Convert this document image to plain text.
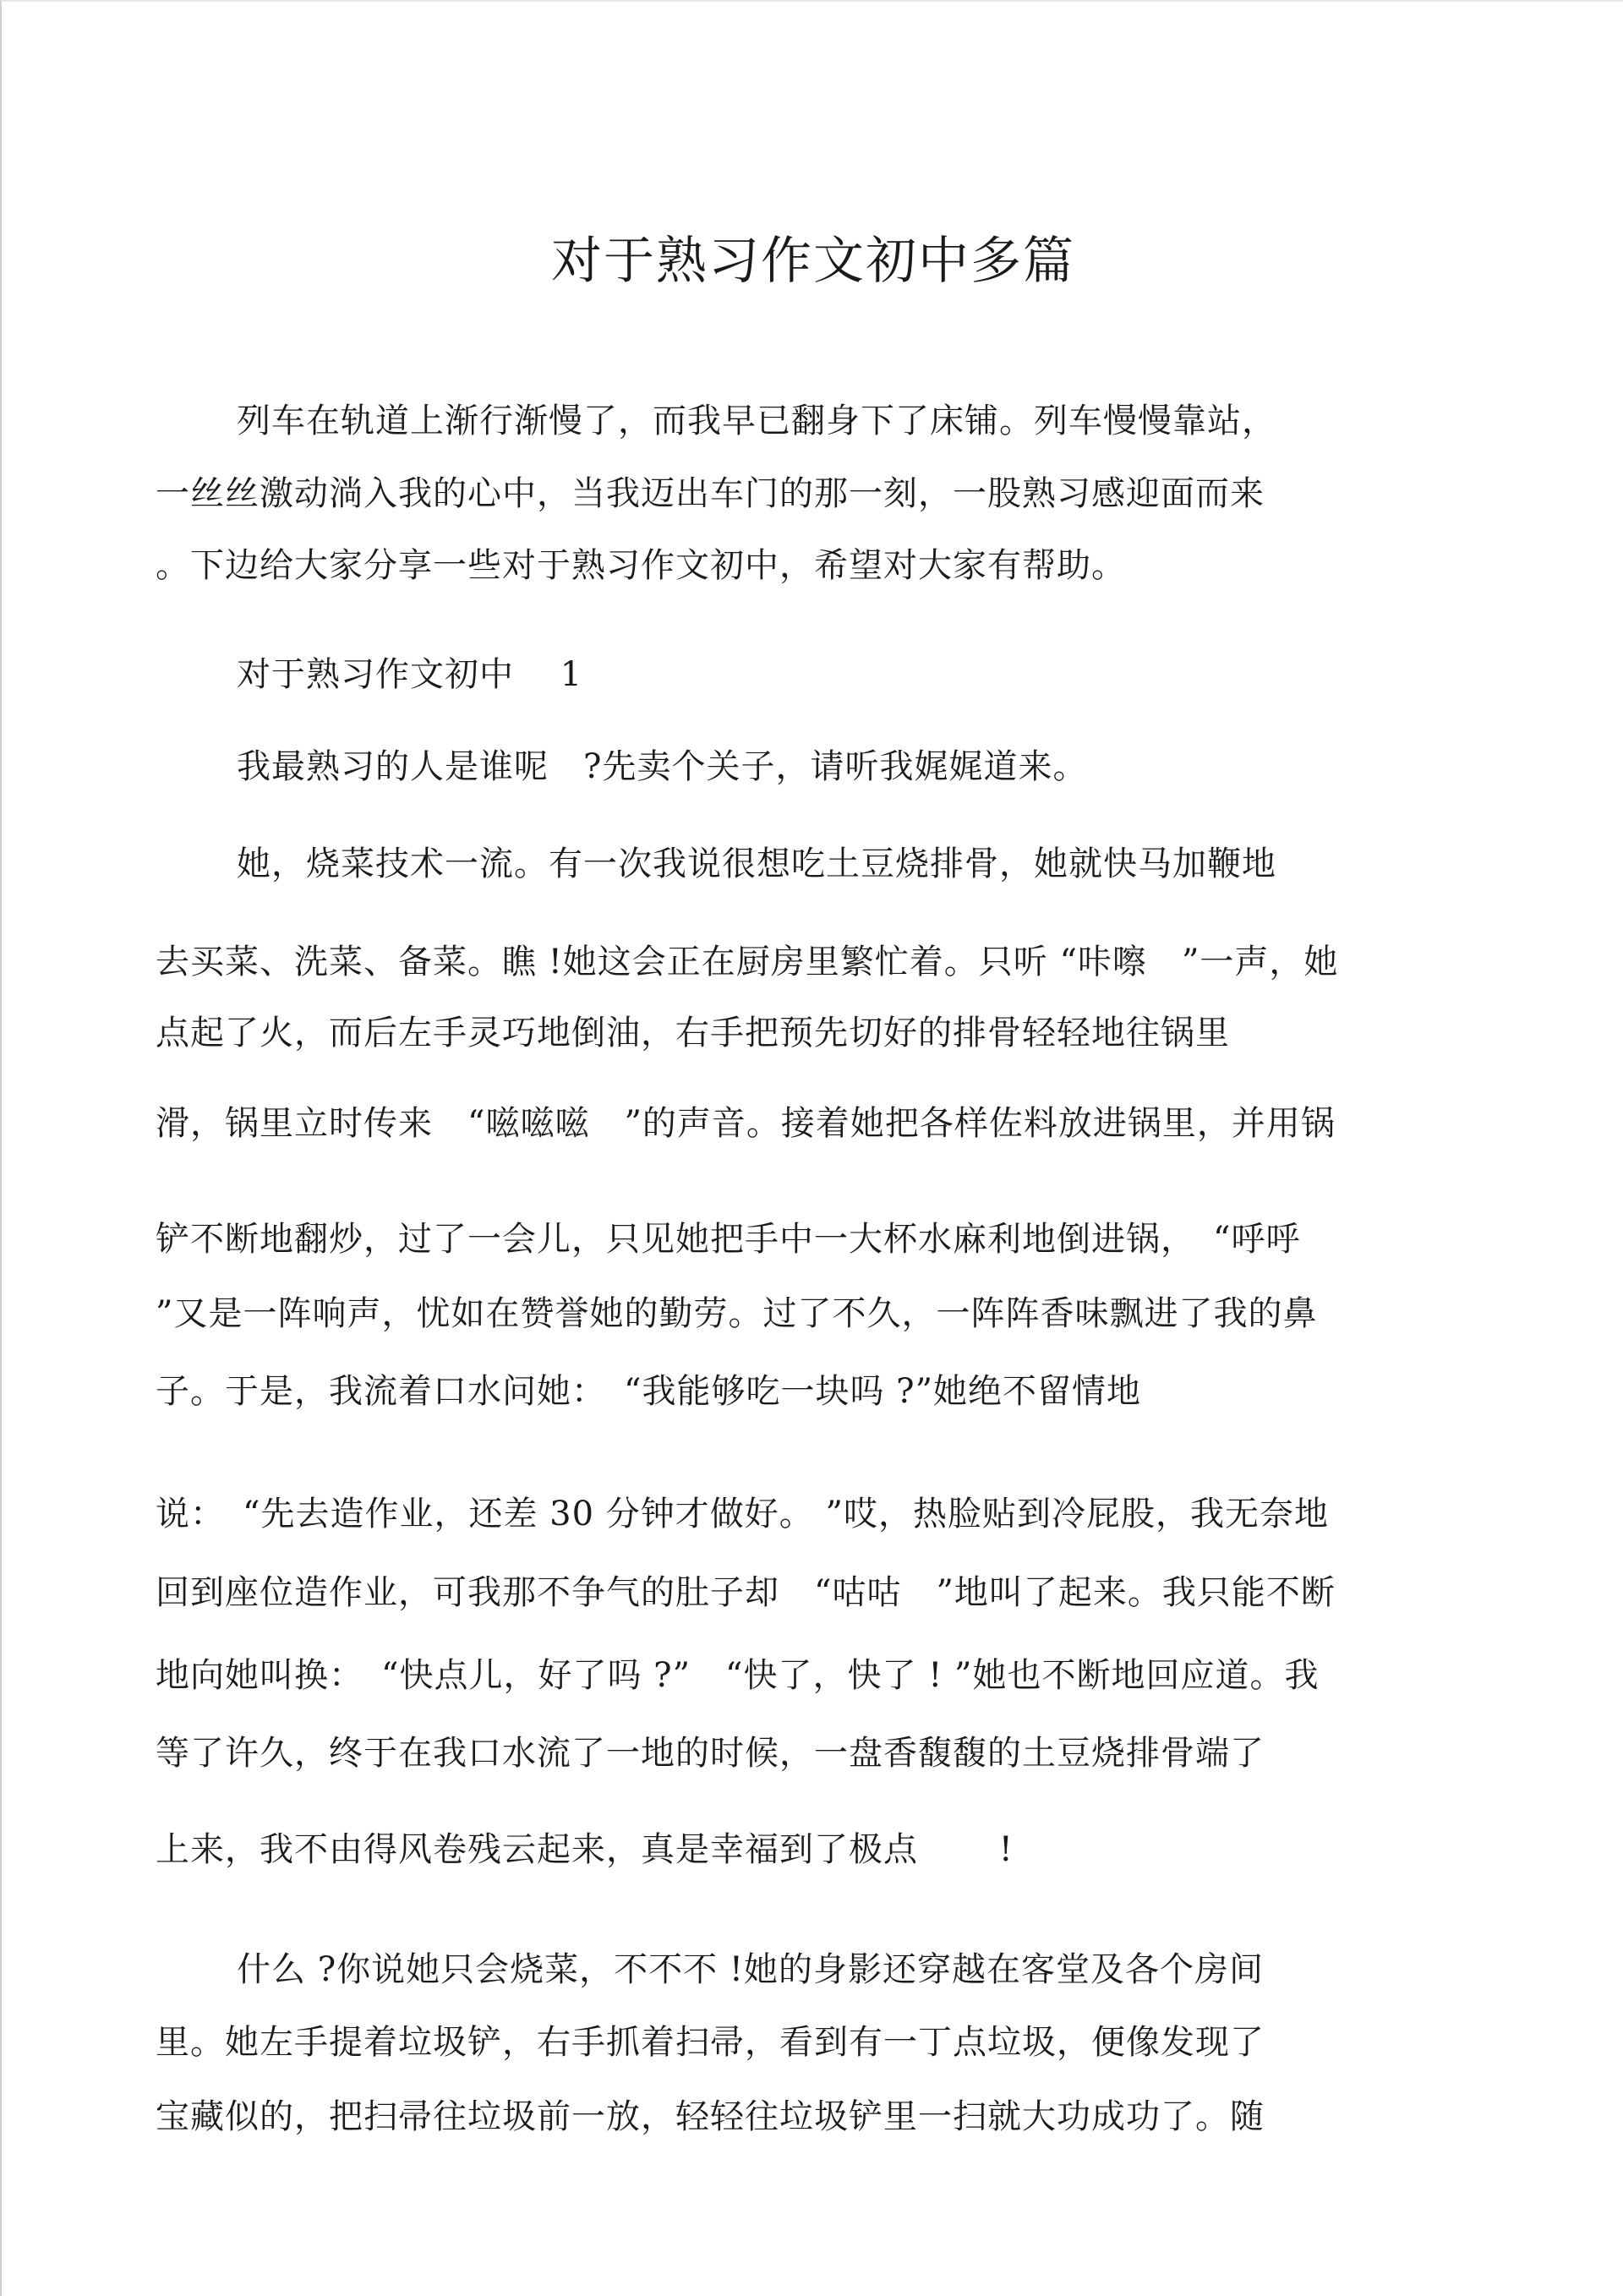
对于熟习作文初中多篇
列车在轨道上渐行渐慢了，而我早已翻身下了床铺。列车慢慢靠站，
一丝丝激动淌入我的心中，当我迈出车门的那一刻，一股熟习感迎面而来
。下边给大家分享一些对于熟习作文初中，希望对大家有帮助。
对于熟习作文初中　 1
我最熟习的人是谁呢　?先卖个关子，请听我娓娓道来。
她，烧菜技术一流。有一次我说很想吃土豆烧排骨，她就快马加鞭地
去买菜、洗菜、备菜。瞧 !她这会正在厨房里繁忙着。只听 “咔嚓　”一声，她
点起了火，而后左手灵巧地倒油，右手把预先切好的排骨轻轻地往锅里
滑，锅里立时传来　“嗞嗞嗞　”的声音。接着她把各样佐料放进锅里，并用锅
铲不断地翻炒，过了一会儿，只见她把手中一大杯水麻利地倒进锅，　“呼呼
”又是一阵响声，忧如在赞誉她的勤劳。过了不久，一阵阵香味飘进了我的鼻
子。于是，我流着口水问她：　“我能够吃一块吗 ?”她绝不留情地
说：　“先去造作业，还差 30 分钟才做好。 ”哎，热脸贴到冷屁股，我无奈地
回到座位造作业，可我那不争气的肚子却　“咕咕　”地叫了起来。我只能不断
地向她叫换：　“快点儿，好了吗 ?”　“快了，快了 ! ”她也不断地回应道。我
等了许久，终于在我口水流了一地的时候，一盘香馥馥的土豆烧排骨端了
上来，我不由得风卷残云起来，真是幸福到了极点　　 !
什么 ?你说她只会烧菜，不不不 !她的身影还穿越在客堂及各个房间
里。她左手提着垃圾铲，右手抓着扫帚，看到有一丁点垃圾，便像发现了
宝藏似的，把扫帚往垃圾前一放，轻轻往垃圾铲里一扫就大功成功了。随
